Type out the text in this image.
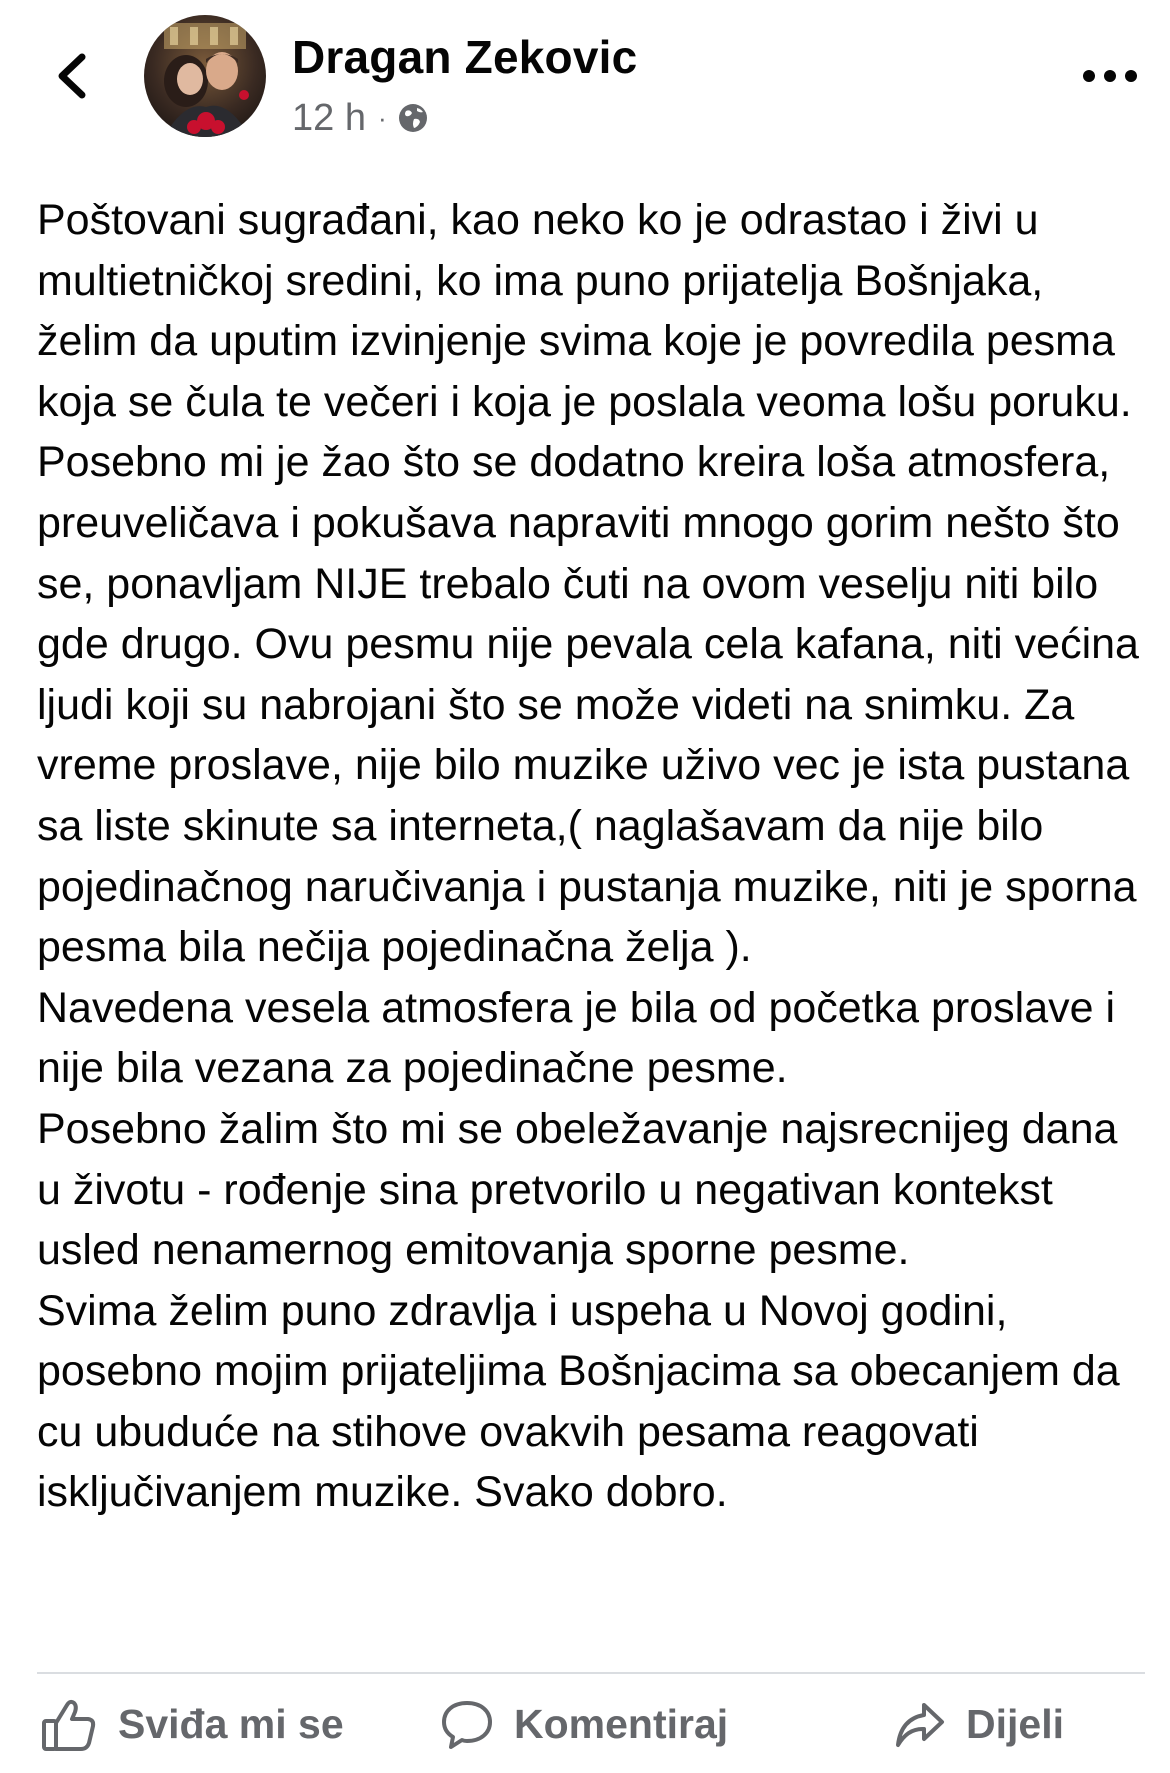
Dragan Zekovic
12 h ·

Poštovani sugrađani, kao neko ko je odrastao i živi u multietničkoj sredini, ko ima puno prijatelja Bošnjaka, želim da uputim izvinjenje svima koje je povredila pesma koja se čula te večeri i koja je poslala veoma lošu poruku. Posebno mi je žao što se dodatno kreira loša atmosfera, preuveličava i pokušava napraviti mnogo gorim nešto što se, ponavljam NIJE trebalo čuti na ovom veselju niti bilo gde drugo. Ovu pesmu nije pevala cela kafana, niti većina ljudi koji su nabrojani što se može videti na snimku. Za vreme proslave, nije bilo muzike uživo vec je ista pustana sa liste skinute sa interneta,( naglašavam da nije bilo pojedinačnog naručivanja i pustanja muzike, niti je sporna pesma bila nečija pojedinačna želja ).

Navedena vesela atmosfera je bila od početka proslave i nije bila vezana za pojedinačne pesme.

Posebno žalim što mi se obeležavanje najsrecnijeg dana u životu - rođenje sina pretvorilo u negativan kontekst usled nenamernog emitovanja sporne pesme.

Svima želim puno zdravlja i uspeha u Novoj godini, posebno mojim prijateljima Bošnjacima sa obecanjem da cu ubuduće na stihove ovakvih pesama reagovati isključivanjem muzike. Svako dobro.

Sviđa mi se	Komentiraj	Dijeli
